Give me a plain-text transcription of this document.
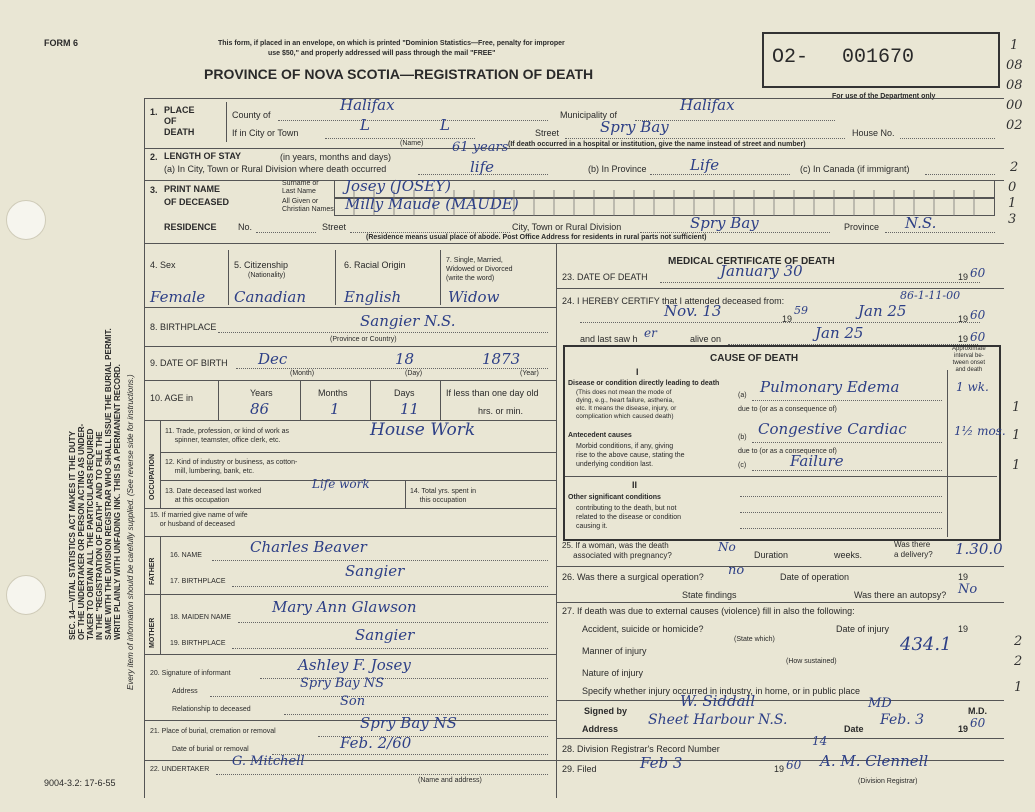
SEC. 14—VITAL STATISTICS ACT MAKES IT THE DUTY OF THE UNDERTAKER OR PERSON ACTING AS UNDER- TAKER TO OBTAIN ALL THE PARTICULARS REQUIRED IN THE "REGISTRATION OF DEATH" AND TO FILE THE SAME WITH THE DIVISION REGISTRAR WHO SHALL ISSUE THE BURIAL PERMIT. WRITE PLAINLY WITH UNFADING INK. THIS IS A PERMANENT RECORD. Every item of information should be carefully supplied. (See reverse side for instructions.)
FORM 6	This form, if placed in an envelope, on which is printed "Dominion Statistics—Free, penalty for improper
use $50," and properly addressed will pass through the mail "FREE"
PROVINCE OF NOVA SCOTIA—REGISTRATION OF DEATH
O2- 001670
For use of the Department only
1. PLACE
OF
DEATH
County of
Halifax
Municipality of
Halifax
If in City or Town	L	L
(Name)
Street	Spry Bay	House No.
(If death occurred in a hospital or institution, give the name instead of street and number)
2. LENGTH OF STAY	(in years, months and days)
61 years
(a) In City, Town or Rural Division where death occurred	life	(b) In Province	Life	(c) In Canada (if immigrant)
3. PRINT NAME
OF DECEASED
Surname or
Last Name
All Given or
Christian Names
Josey (JOSEY)
Milly Maude (MAUDE)
RESIDENCE No.	Street	City, Town or Rural Division	Spry Bay	Province N.S.
(Residence means usual place of abode. Post Office Address for residents in rural parts not sufficient)
4. Sex	5. Citizenship
(Nationality)
6. Racial Origin	7. Single, Married,
Widowed or Divorced
(write the word)
Female Canadian	English	Widow
8. BIRTHPLACE	Sangier N.S.
(Province or Country)
9. DATE OF BIRTH Dec	18	1873
(Month)	(Day)	(Year)
10. AGE in	Years	Months	Days	If less than one day old
hrs. or min.
86	1	11
OCCUPATION
11. Trade, profession, or kind of work as
spinner, teamster, office clerk, etc.
House Work
12. Kind of industry or business, as cotton-
mill, lumbering, bank, etc.
13. Date deceased last worked
at this occupation
Life work
14. Total yrs. spent in
this occupation
15. If married give name of wife
or husband of deceased
FATHER
16. NAME	Charles Beaver
17. BIRTHPLACE
Sangier
MOTHER
18. MAIDEN NAME
Mary Ann Glawson
19. BIRTHPLACE	Sangier
20. Signature of informant	Ashley F. Josey
Address
Spry Bay NS
Relationship to deceased
Son
21. Place of burial, cremation or removal	Spry Bay NS
Date of burial or removal	Feb. 2/60
22. UNDERTAKER
G. Mitchell
(Name and address)
9004-3.2: 17-6-55
MEDICAL CERTIFICATE OF DEATH
23. DATE OF DEATH	January 30	19 60
24. I HEREBY CERTIFY that I attended deceased from:	86-1-11-00
Nov. 13	19
59	Jan 25	19 60
and last saw h er	alive on	Jan 25	19 60
CAUSE OF DEATH
Approximate
interval be-
tween onset
and death
I
Disease or condition directly leading to death
(This does not mean the mode of
dying, e.g., heart failure, asthenia,
etc. It means the disease, injury, or
complication which caused death)
(a) Pulmonary Edema	1 wk.
due to (or as a consequence of)
Antecedent causes
Morbid conditions, if any, giving
rise to the above cause, stating the
underlying condition last.
(b) Congestive Cardiac	1½ mos.
due to (or as a consequence of)
(c)	Failure
II
Other significant conditions
contributing to the death, but not
related to the disease or condition
causing it.
25. If a woman, was the death
associated with pregnancy?
No
Duration	weeks.
Was there
a delivery? 1.30.0
26. Was there a surgical operation? no	Date of operation	19
State findings	Was there an autopsy? No
27. If death was due to external causes (violence) fill in also the following:
Accident, suicide or homicide?
(State which)
Date of injury	19
Manner of injury	434.1
(How sustained)
Nature of injury
Specify whether injury occurred in industry, in home, or in public place
Signed by
W. Siddall	MD	M.D.
Address
Sheet Harbour N.S.
Date
Feb. 3
19 60
28. Division Registrar's Record Number
14
29. Filed	Feb 3	19 60 A. M. Clennell
(Division Registrar)
1
08
08
00
02
2
0
1
3
1
1
1
2
2
1
